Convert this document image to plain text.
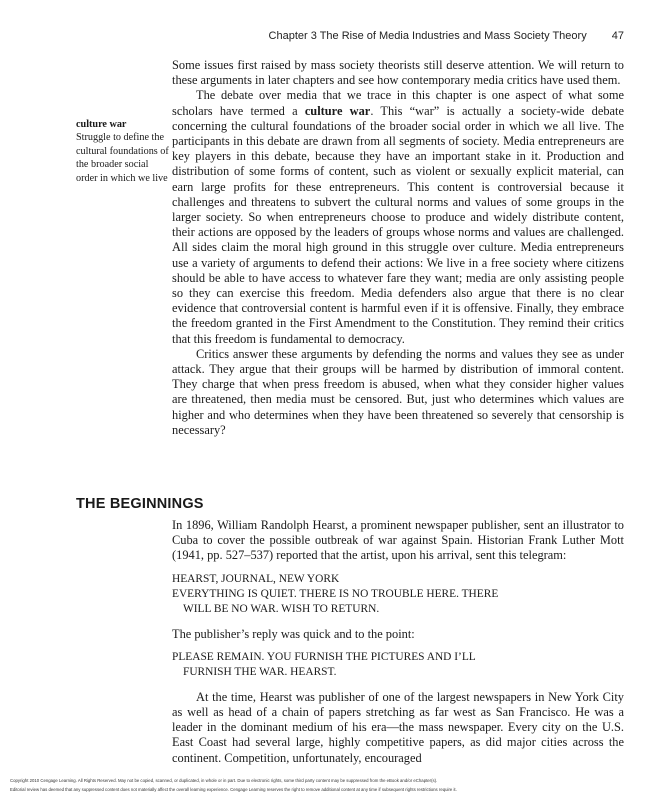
Chapter 3 The Rise of Media Industries and Mass Society Theory 47
culture war
Struggle to define the cultural foundations of the broader social order in which we live

Some issues first raised by mass society theorists still deserve attention. We will return to these arguments in later chapters and see how contemporary media critics have used them.

The debate over media that we trace in this chapter is one aspect of what some scholars have termed a culture war. This “war” is actually a society-wide debate concerning the cultural foundations of the broader social order in which we all live. The participants in this debate are drawn from all segments of society. Media entrepreneurs are key players in this debate, because they have an important stake in it. Production and distribution of some forms of content, such as violent or sexually explicit material, can earn large profits for these entrepreneurs. This content is controversial because it challenges and threatens to subvert the cultural norms and values of some groups in the larger society. So when entrepreneurs choose to produce and widely distribute content, their actions are opposed by the leaders of groups whose norms and values are challenged. All sides claim the moral high ground in this struggle over culture. Media entrepreneurs use a variety of arguments to defend their actions: We live in a free society where citizens should be able to have access to whatever fare they want; media are only assisting people so they can exercise this freedom. Media defenders also argue that there is no clear evidence that controversial content is harmful even if it is offensive. Finally, they embrace the freedom granted in the First Amendment to the Constitution. They remind their critics that this freedom is fundamental to democracy.

Critics answer these arguments by defending the norms and values they see as under attack. They argue that their groups will be harmed by distribution of immoral content. They charge that when press freedom is abused, when what they consider higher values are threatened, then media must be censored. But, just who determines which values are higher and who determines when they have been threatened so severely that censorship is necessary?

THE BEGINNINGS

In 1896, William Randolph Hearst, a prominent newspaper publisher, sent an illustrator to Cuba to cover the possible outbreak of war against Spain. Historian Frank Luther Mott (1941, pp. 527–537) reported that the artist, upon his arrival, sent this telegram:

HEARST, JOURNAL, NEW YORK
EVERYTHING IS QUIET. THERE IS NO TROUBLE HERE. THERE
WILL BE NO WAR. WISH TO RETURN.

The publisher’s reply was quick and to the point:

PLEASE REMAIN. YOU FURNISH THE PICTURES AND I’LL
FURNISH THE WAR. HEARST.

At the time, Hearst was publisher of one of the largest newspapers in New York City as well as head of a chain of papers stretching as far west as San Francisco. He was a leader in the dominant medium of his era—the mass newspaper. Every city on the U.S. East Coast had several large, highly competitive papers, as did major cities across the continent. Competition, unfortunately, encouraged

Copyright 2010 Cengage Learning. All Rights Reserved. May not be copied, scanned, or duplicated, in whole or in part. Due to electronic rights, some third party content may be suppressed from the eBook and/or eChapter(s).
Editorial review has deemed that any suppressed content does not materially affect the overall learning experience. Cengage Learning reserves the right to remove additional content at any time if subsequent rights restrictions require it.
